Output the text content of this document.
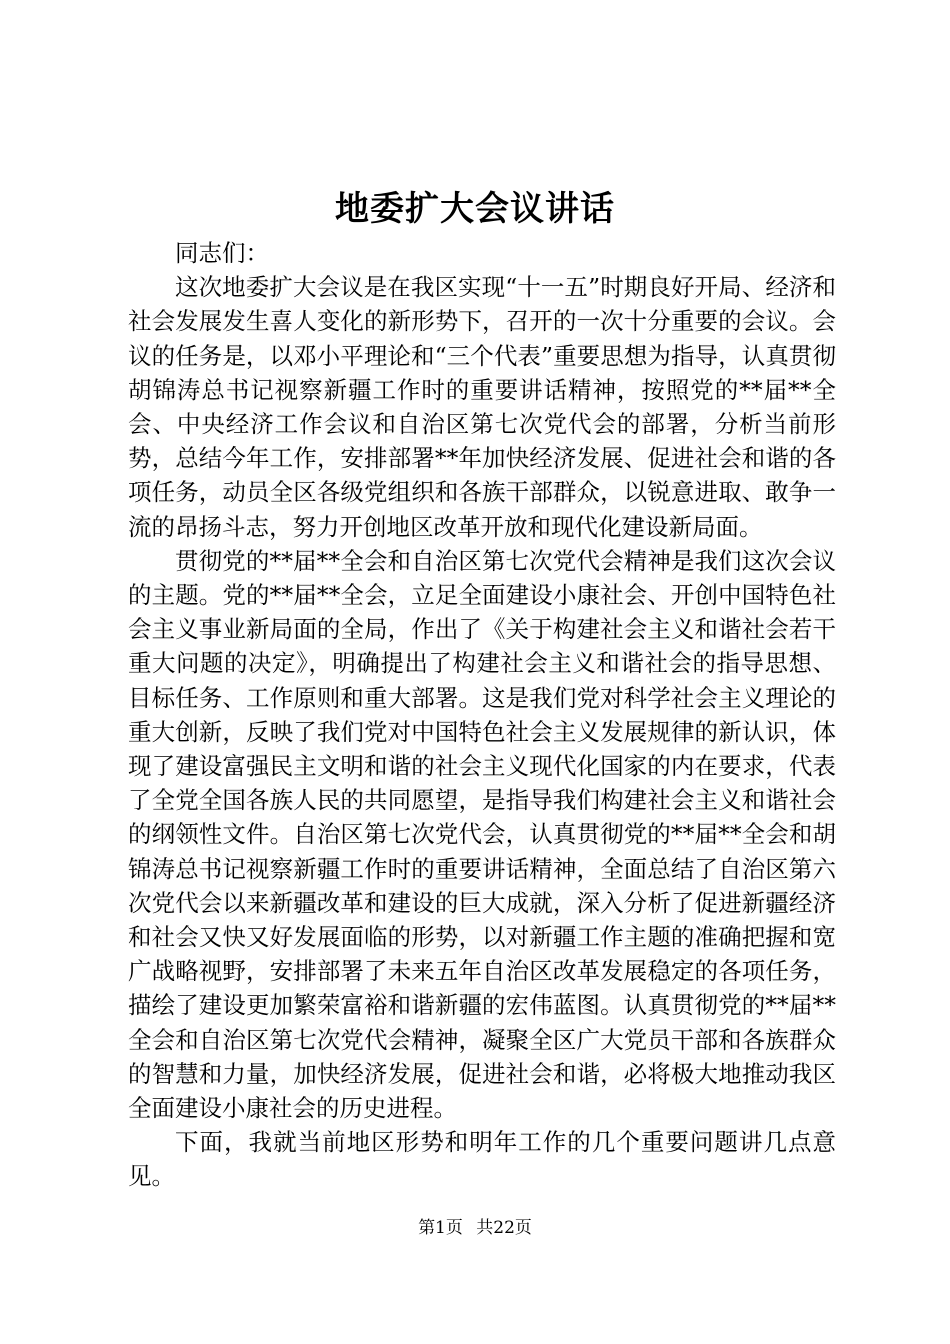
地委扩大会议讲话

同志们：

这次地委扩大会议是在我区实现“十一五”时期良好开局、经济和社会发展发生喜人变化的新形势下，召开的一次十分重要的会议。会议的任务是，以邓小平理论和“三个代表”重要思想为指导，认真贯彻胡锦涛总书记视察新疆工作时的重要讲话精神，按照党的**届**全会、中央经济工作会议和自治区第七次党代会的部署，分析当前形势，总结今年工作，安排部署**年加快经济发展、促进社会和谐的各项任务，动员全区各级党组织和各族干部群众，以锐意进取、敢争一流的昂扬斗志，努力开创地区改革开放和现代化建设新局面。

贯彻党的**届**全会和自治区第七次党代会精神是我们这次会议的主题。党的**届**全会，立足全面建设小康社会、开创中国特色社会主义事业新局面的全局，作出了《关于构建社会主义和谐社会若干重大问题的决定》，明确提出了构建社会主义和谐社会的指导思想、目标任务、工作原则和重大部署。这是我们党对科学社会主义理论的重大创新，反映了我们党对中国特色社会主义发展规律的新认识，体现了建设富强民主文明和谐的社会主义现代化国家的内在要求，代表了全党全国各族人民的共同愿望，是指导我们构建社会主义和谐社会的纲领性文件。自治区第七次党代会，认真贯彻党的**届**全会和胡锦涛总书记视察新疆工作时的重要讲话精神，全面总结了自治区第六次党代会以来新疆改革和建设的巨大成就，深入分析了促进新疆经济和社会又快又好发展面临的形势，以对新疆工作主题的准确把握和宽广战略视野，安排部署了未来五年自治区改革发展稳定的各项任务，描绘了建设更加繁荣富裕和谐新疆的宏伟蓝图。认真贯彻党的**届**全会和自治区第七次党代会精神，凝聚全区广大党员干部和各族群众的智慧和力量，加快经济发展，促进社会和谐，必将极大地推动我区全面建设小康社会的历史进程。

下面，我就当前地区形势和明年工作的几个重要问题讲几点意见。

第1页 共22页
